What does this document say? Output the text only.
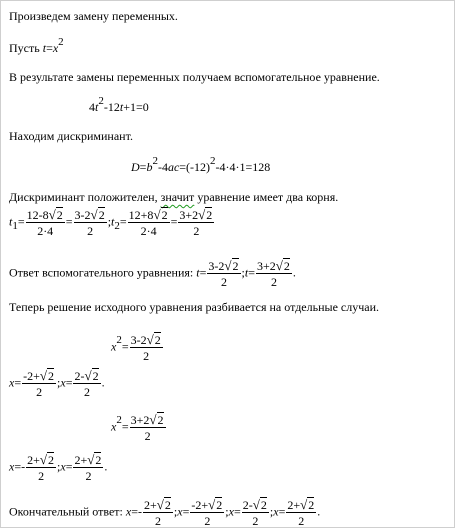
Произведем замену переменных.
Пусть t=x2
В результате замены переменных получаем вспомогательное уравнение.
4t2-12t+1=0
Находим дискриминант.
D=b2-4ac=(-12)2-4·4·1=128
Дискриминант положителен, значит уравнение имеет два корня.
$t1= \frac{12-8√2}{2\cdot 4} = \frac{3-2√2}{2}$ ;t2= $\frac{12+8√2}{2\cdot 4} = \frac{3+2√2}{2}$
Ответ вспомогательного уравнения: $t= \frac{3-2√2}{2}$ ;t= $\frac{3+2√2}{2}$ .
Теперь решение исходного уравнения разбивается на отдельные случаи.
$x2= \frac{3-2√2}{2}$
$x= \frac{-2+√2}{2}$ ;x= $\frac{2-√2}{2}$ .
$x2= \frac{3+2√2}{2}$
$x=- \frac{2+√2}{2}$ ;x= $\frac{2+√2}{2}$ .
Окончательный ответ: $x=- \frac{2+√2}{2}$ ;x= $\frac{-2+√2}{2}$ ;x= $\frac{2-√2}{2}$ ;x= $\frac{2+√2}{2}$ .
